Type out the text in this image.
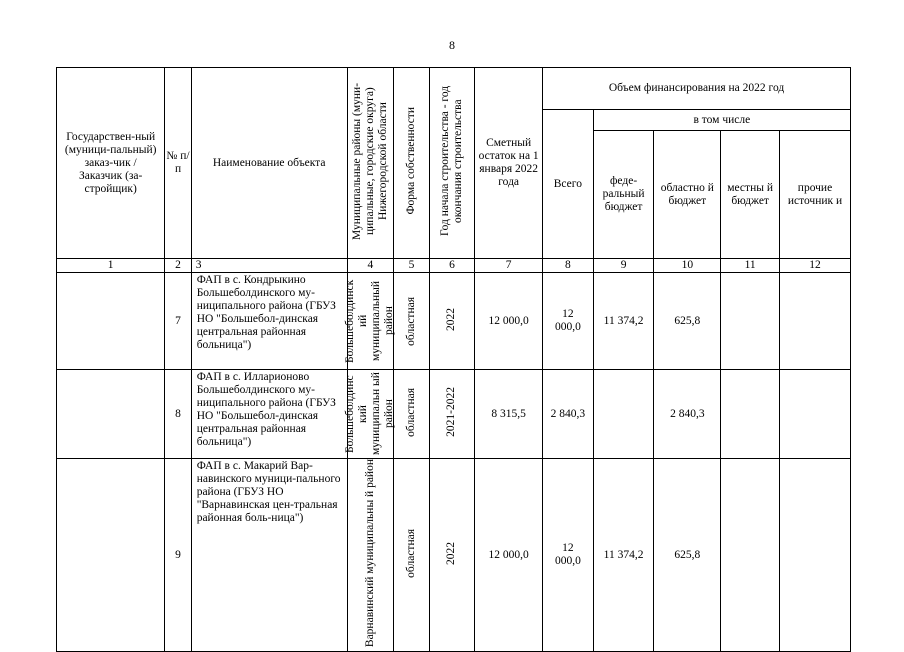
8
Государствен-ный (муници-пальный) заказ-чик / Заказчик (за-стройщик)	№ п/п	Наименование объекта	Муниципальные районы (муни-ципальные, городские округа) Нижегородской области	Форма собственности	Год начала строительства - год окончания строительства	Сметный остаток на 1 января 2022 года	Объем финансирования на 2022 год				

							Всего	в том числе			

								феде-ральный бюджет	областно й бюджет	местны й бюджет	прочие источник и

1	2	3	4	5	6	7	8	9	10	11	12
	7	ФАП в с. Кондрыкино Большеболдинского му-ниципального района (ГБУЗ НО "Большебол-динская центральная районная больница")	Большеболдинск ий муниципальный район	областная	2022	12 000,0	12 000,0	11 374,2	625,8		
	8	ФАП в с. Илларионово Большеболдинского му-ниципального района (ГБУЗ НО "Большебол-динская центральная районная больница")	Большеболдинс кий муниципальн ый район	областная	2021-2022	8 315,5	2 840,3		2 840,3		
	9	ФАП в с. Макарий Вар-навинского муници-пального района (ГБУЗ НО "Варнавинская цен-тральная районная боль-ница")	Варнавинский муниципальны й район	областная	2022	12 000,0	12 000,0	11 374,2	625,8		
